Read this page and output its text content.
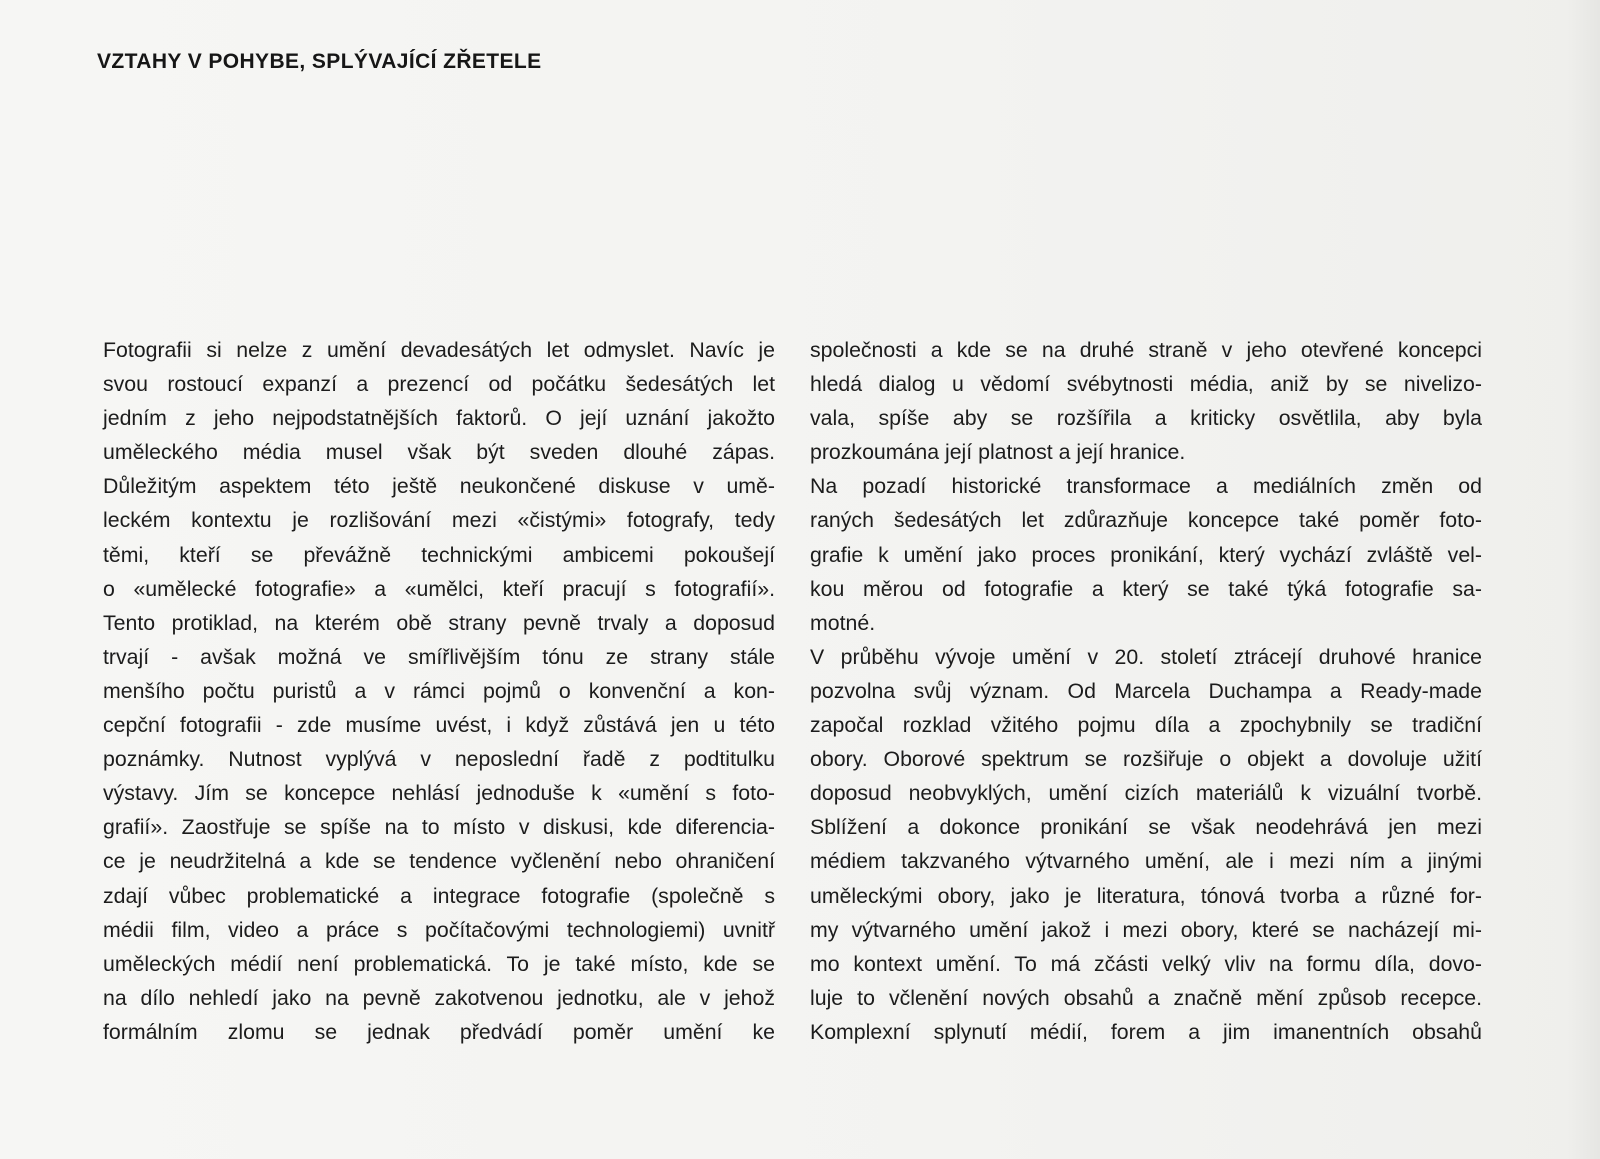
VZTAHY V POHYBE, SPLÝVAJÍCÍ ZŘETELE
Fotografii si nelze z umění devadesátých let odmyslet. Navíc je
svou rostoucí expanzí a prezencí od počátku šedesátých let
jedním z jeho nejpodstatnějších faktorů. O její uznání jakožto
uměleckého média musel však být sveden dlouhé zápas.
Důležitým aspektem této ještě neukončené diskuse v umě-
leckém kontextu je rozlišování mezi «čistými» fotografy, tedy
těmi, kteří se převážně technickými ambicemi pokoušejí
o «umělecké fotografie» a «umělci, kteří pracují s fotografií».
Tento protiklad, na kterém obě strany pevně trvaly a doposud
trvají - avšak možná ve smířlivějším tónu ze strany stále
menšího počtu puristů a v rámci pojmů o konvenční a kon-
cepční fotografii - zde musíme uvést, i když zůstává jen u této
poznámky. Nutnost vyplývá v neposlední řadě z podtitulku
výstavy. Jím se koncepce nehlásí jednoduše k «umění s foto-
grafií». Zaostřuje se spíše na to místo v diskusi, kde diferencia-
ce je neudržitelná a kde se tendence vyčlenění nebo ohraničení
zdají vůbec problematické a integrace fotografie (společně s
médii film, video a práce s počítačovými technologiemi) uvnitř
uměleckých médií není problematická. To je také místo, kde se
na dílo nehledí jako na pevně zakotvenou jednotku, ale v jehož
formálním zlomu se jednak předvádí poměr umění ke
společnosti a kde se na druhé straně v jeho otevřené koncepci
hledá dialog u vědomí svébytnosti média, aniž by se nivelizo-
vala, spíše aby se rozšířila a kriticky osvětlila, aby byla
prozkoumána její platnost a její hranice.
Na pozadí historické transformace a mediálních změn od
raných šedesátých let zdůrazňuje koncepce také poměr foto-
grafie k umění jako proces pronikání, který vychází zvláště vel-
kou měrou od fotografie a který se také týká fotografie sa-
motné.
V průběhu vývoje umění v 20. století ztrácejí druhové hranice
pozvolna svůj význam. Od Marcela Duchampa a Ready-made
započal rozklad vžitého pojmu díla a zpochybnily se tradiční
obory. Oborové spektrum se rozšiřuje o objekt a dovoluje užití
doposud neobvyklých, umění cizích materiálů k vizuální tvorbě.
Sblížení a dokonce pronikání se však neodehrává jen mezi
médiem takzvaného výtvarného umění, ale i mezi ním a jinými
uměleckými obory, jako je literatura, tónová tvorba a různé for-
my výtvarného umění jakož i mezi obory, které se nacházejí mi-
mo kontext umění. To má zčásti velký vliv na formu díla, dovo-
luje to včlenění nových obsahů a značně mění způsob recepce.
Komplexní splynutí médií, forem a jim imanentních obsahů
